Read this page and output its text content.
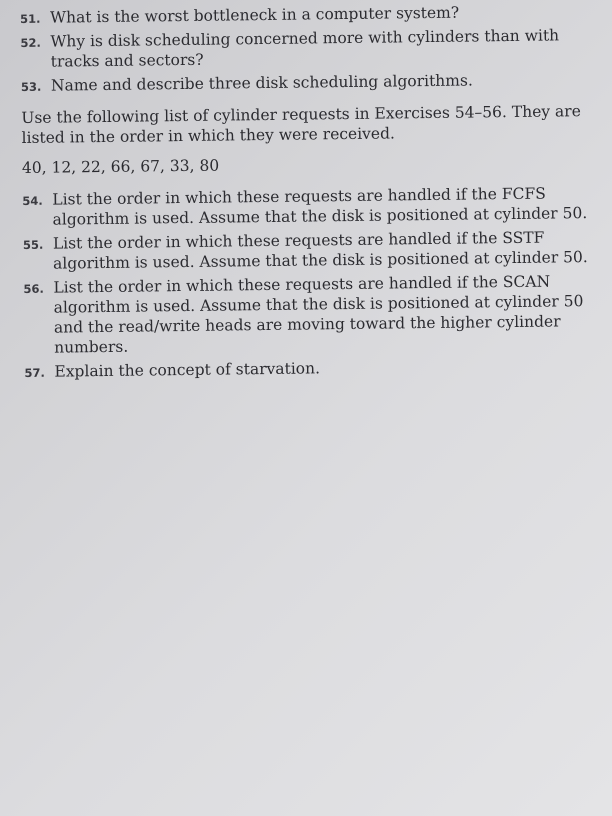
51. What is the worst bottleneck in a computer system?
52. Why is disk scheduling concerned more with cylinders than with tracks and sectors?
53. Name and describe three disk scheduling algorithms.
Use the following list of cylinder requests in Exercises 54–56. They are listed in the order in which they were received.
40, 12, 22, 66, 67, 33, 80
54. List the order in which these requests are handled if the FCFS algorithm is used. Assume that the disk is positioned at cylinder 50.
55. List the order in which these requests are handled if the SSTF algorithm is used. Assume that the disk is positioned at cylinder 50.
56. List the order in which these requests are handled if the SCAN algorithm is used. Assume that the disk is positioned at cylinder 50 and the read/write heads are moving toward the higher cylinder numbers.
57. Explain the concept of starvation.
